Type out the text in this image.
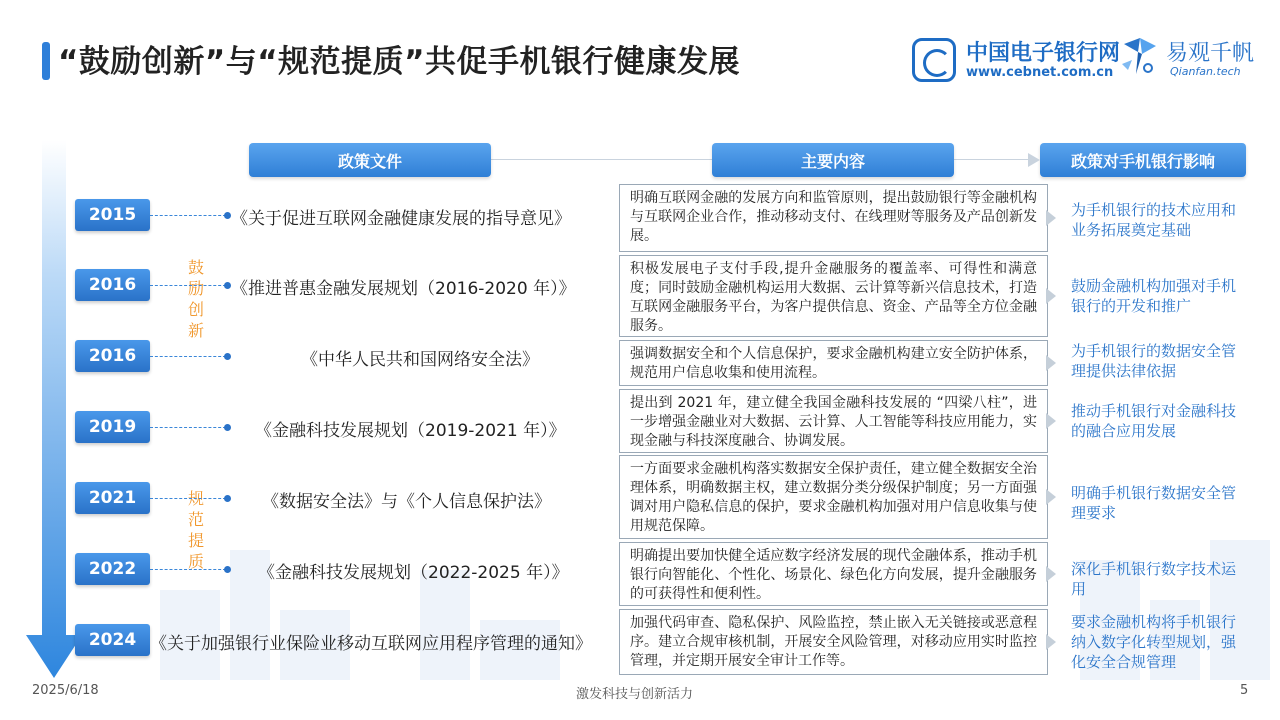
“鼓励创新”与“规范提质”共促手机银行健康发展	中国电子银行网
www.cebnet.com.cn
易观千帆
Qianfan.tech
政策文件	主要内容	政策对手机银行影响
鼓励创新
规范提质
2015	《关于促进互联网金融健康发展的指导意见》
明确互联网金融的发展方向和监管原则，提出鼓励银行等金融机构与互联网企业合作，推动移动支付、在线理财等服务及产品创新发展。
为手机银行的技术应用和业务拓展奠定基础
2016	《推进普惠金融发展规划（2016-2020 年）》
积极发展电子支付手段,提升金融服务的覆盖率、可得性和满意度；同时鼓励金融机构运用大数据、云计算等新兴信息技术，打造互联网金融服务平台，为客户提供信息、资金、产品等全方位金融服务。
鼓励金融机构加强对手机银行的开发和推广
2016	《中华人民共和国网络安全法》	强调数据安全和个人信息保护，要求金融机构建立安全防护体系，规范用户信息收集和使用流程。
为手机银行的数据安全管理提供法律依据
2019	《金融科技发展规划（2019-2021 年）》
提出到 2021 年，建立健全我国金融科技发展的 “四梁八柱”，进一步增强金融业对大数据、云计算、人工智能等科技应用能力，实现金融与科技深度融合、协调发展。
推动手机银行对金融科技的融合应用发展
2021	《数据安全法》与《个人信息保护法》
一方面要求金融机构落实数据安全保护责任，建立健全数据安全治理体系，明确数据主权，建立数据分类分级保护制度；另一方面强调对用户隐私信息的保护，要求金融机构加强对用户信息收集与使用规范保障。
明确手机银行数据安全管理要求
2022	《金融科技发展规划（2022-2025 年）》
明确提出要加快健全适应数字经济发展的现代金融体系，推动手机银行向智能化、个性化、场景化、绿色化方向发展，提升金融服务的可获得性和便利性。
深化手机银行数字技术运用
2024 《关于加强银行业保险业移动互联网应用程序管理的通知》
加强代码审查、隐私保护、风险监控，禁止嵌入无关链接或恶意程序。建立合规审核机制，开展安全风险管理，对移动应用实时监控管理，并定期开展安全审计工作等。
要求金融机构将手机银行纳入数字化转型规划，强化安全合规管理
2025/6/18	激发科技与创新活力	5
